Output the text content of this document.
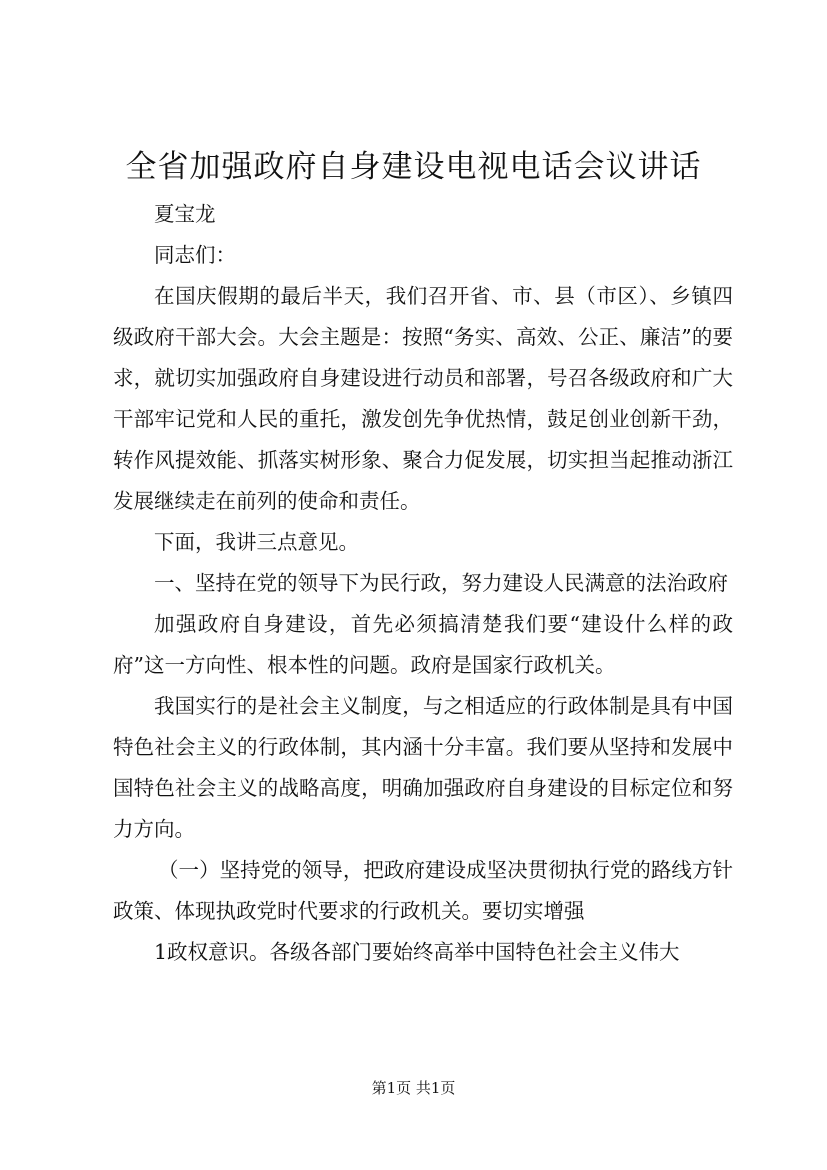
全省加强政府自身建设电视电话会议讲话

夏宝龙

同志们：

在国庆假期的最后半天，我们召开省、市、县（市区）、乡镇四级政府干部大会。大会主题是：按照“务实、高效、公正、廉洁”的要求，就切实加强政府自身建设进行动员和部署，号召各级政府和广大干部牢记党和人民的重托，激发创先争优热情，鼓足创业创新干劲，转作风提效能、抓落实树形象、聚合力促发展，切实担当起推动浙江发展继续走在前列的使命和责任。

下面，我讲三点意见。

一、坚持在党的领导下为民行政，努力建设人民满意的法治政府

加强政府自身建设，首先必须搞清楚我们要“建设什么样的政府”这一方向性、根本性的问题。政府是国家行政机关。

我国实行的是社会主义制度，与之相适应的行政体制是具有中国特色社会主义的行政体制，其内涵十分丰富。我们要从坚持和发展中国特色社会主义的战略高度，明确加强政府自身建设的目标定位和努力方向。

（一）坚持党的领导，把政府建设成坚决贯彻执行党的路线方针政策、体现执政党时代要求的行政机关。要切实增强

1政权意识。各级各部门要始终高举中国特色社会主义伟大

第1页 共1页
